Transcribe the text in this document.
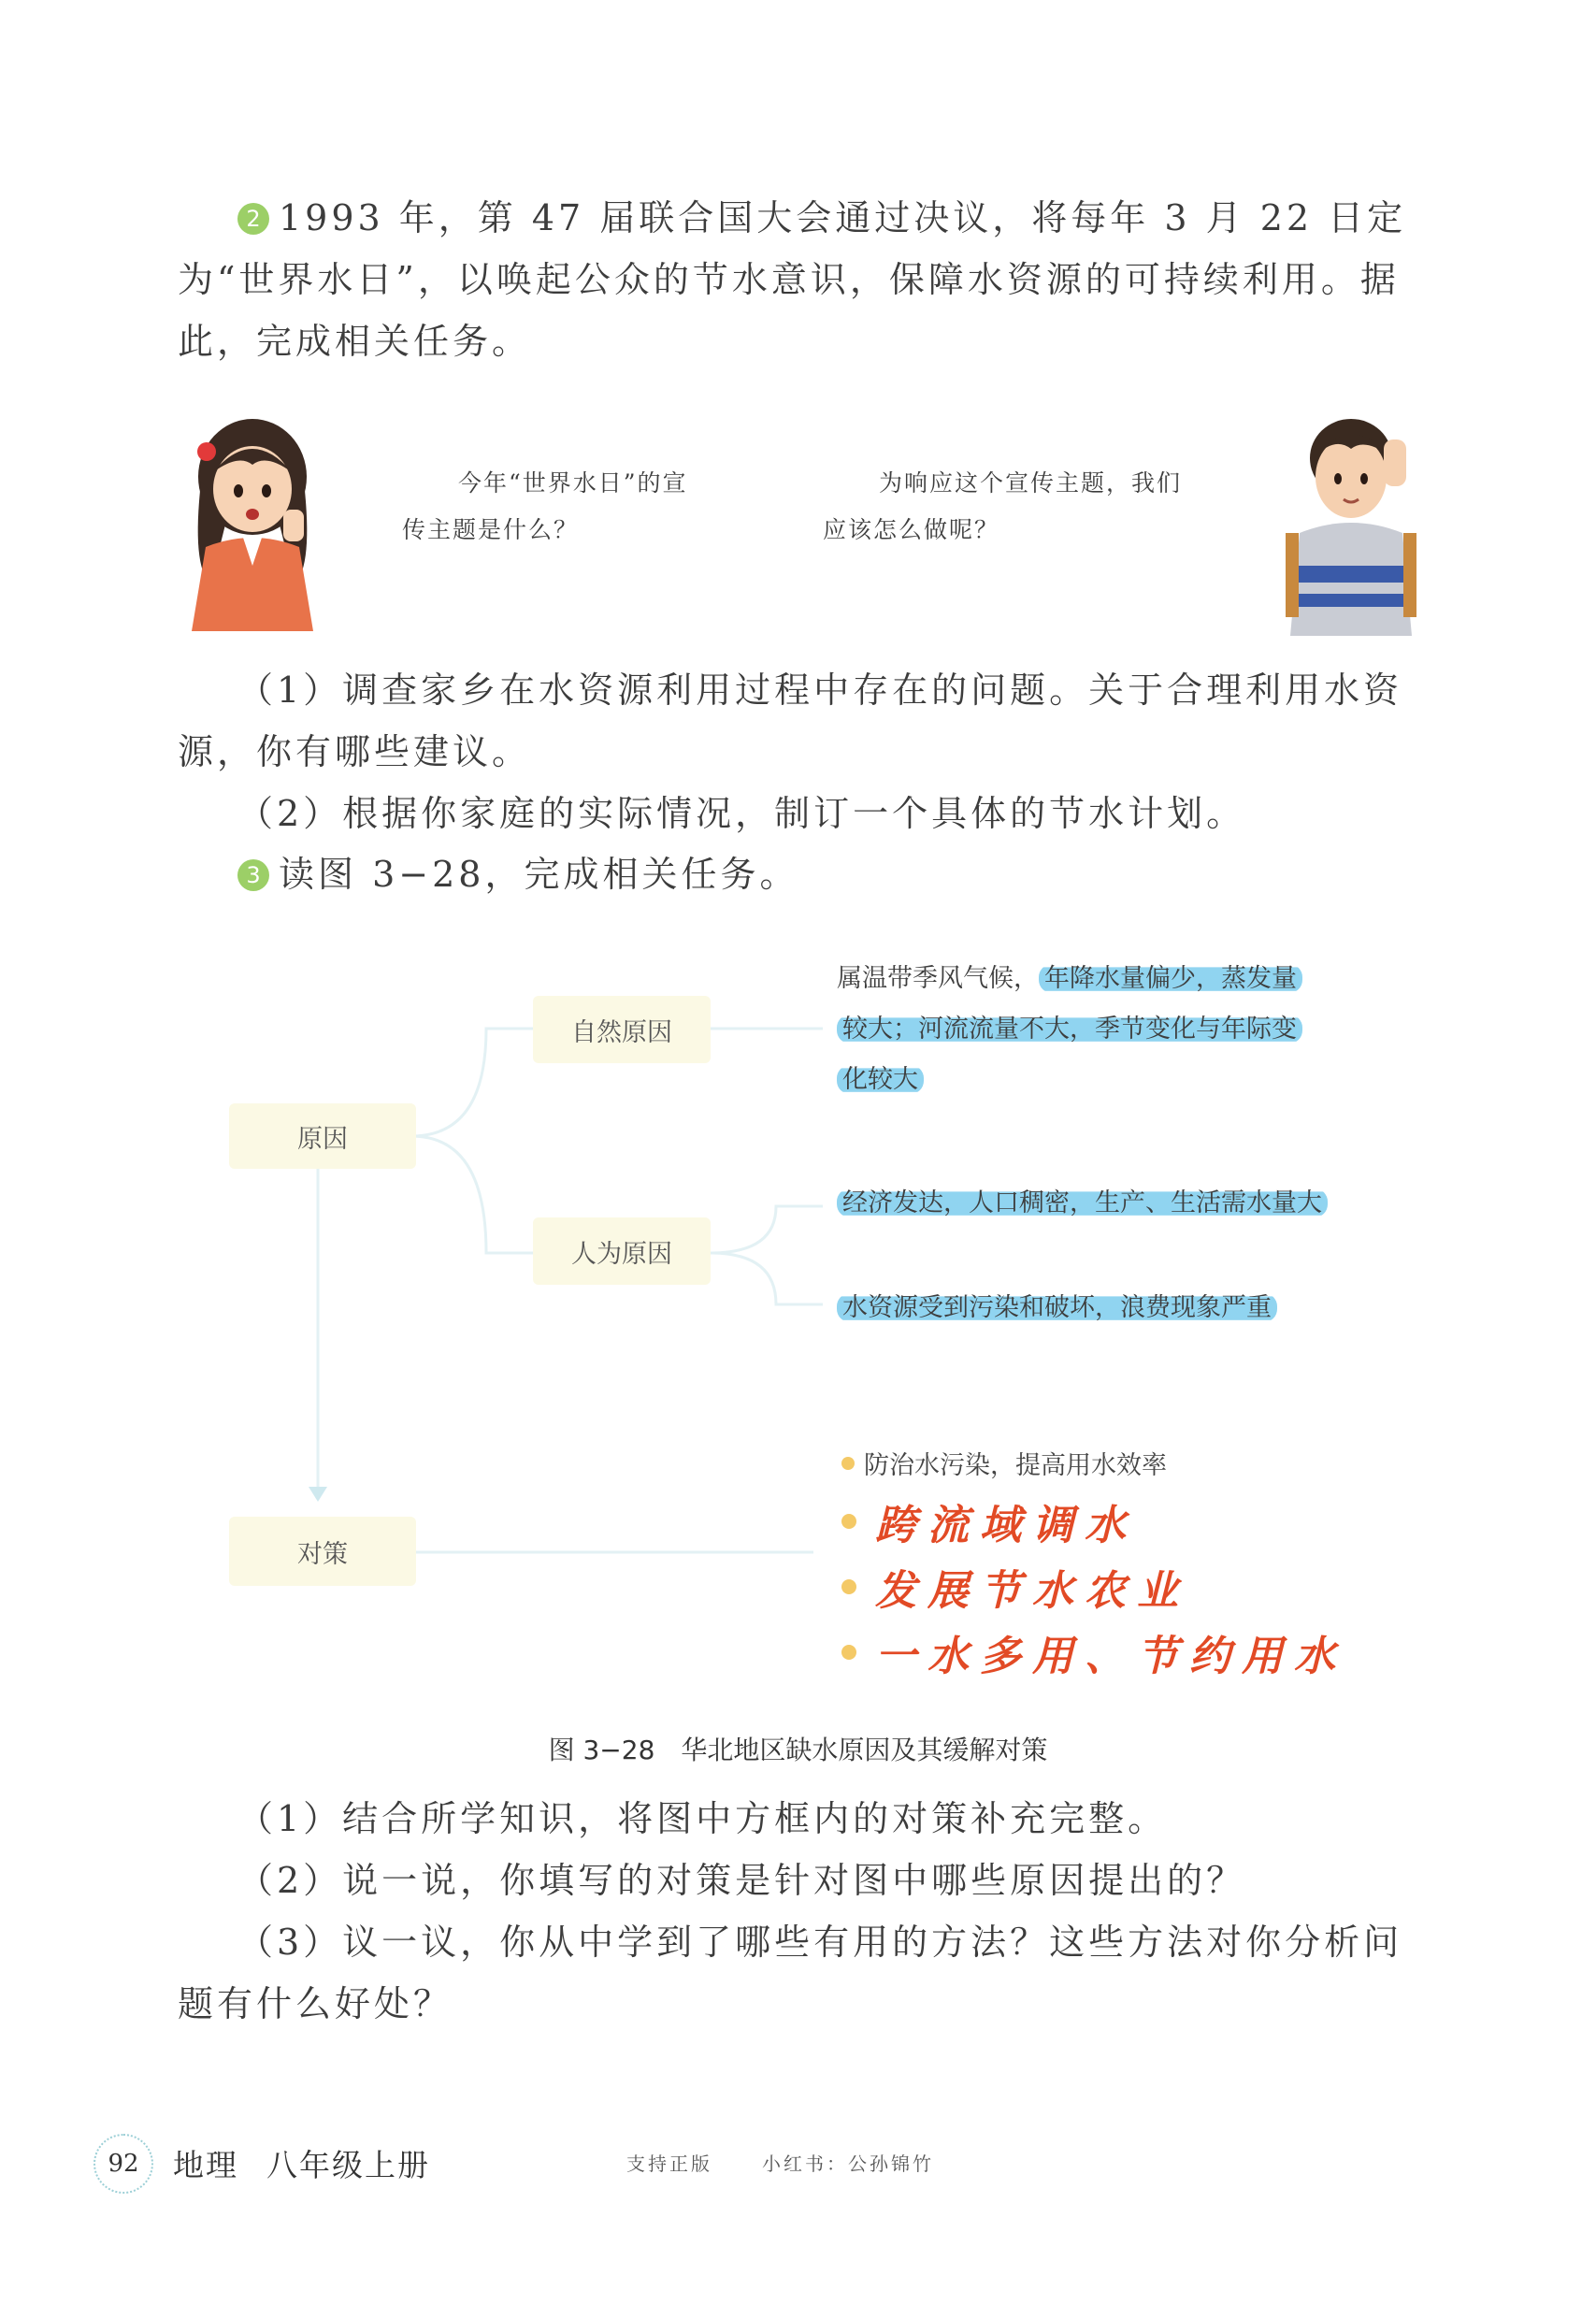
2 1993 年，第 47 届联合国大会通过决议，将每年 3 月 22 日定为“世界水日”，以唤起公众的节水意识，保障水资源的可持续利用。据此，完成相关任务。

今年“世界水日”的宣
传主题是什么？
为响应这个宣传主题，我们
应该怎么做呢？

（1）调查家乡在水资源利用过程中存在的问题。关于合理利用水资源，你有哪些建议。

（2）根据你家庭的实际情况，制订一个具体的节水计划。

3 读图 3−28，完成相关任务。

原因
自然原因
人为原因
对策
属温带季风气候， 年降水量偏少，蒸发量
较大；河流流量不大，季节变化与年际变
化较大
经济发达，人口稠密，生产、生活需水量大
水资源受到污染和破坏，浪费现象严重
防治水污染，提高用水效率
跨流域调水
发展节水农业
一水多用、节约用水
图 3−28 华北地区缺水原因及其缓解对策

（1）结合所学知识，将图中方框内的对策补充完整。

（2）说一说，你填写的对策是针对图中哪些原因提出的？

（3）议一议，你从中学到了哪些有用的方法？这些方法对你分析问题有什么好处？

92	地理 八年级上册	支持正版	小红书：公孙锦竹
